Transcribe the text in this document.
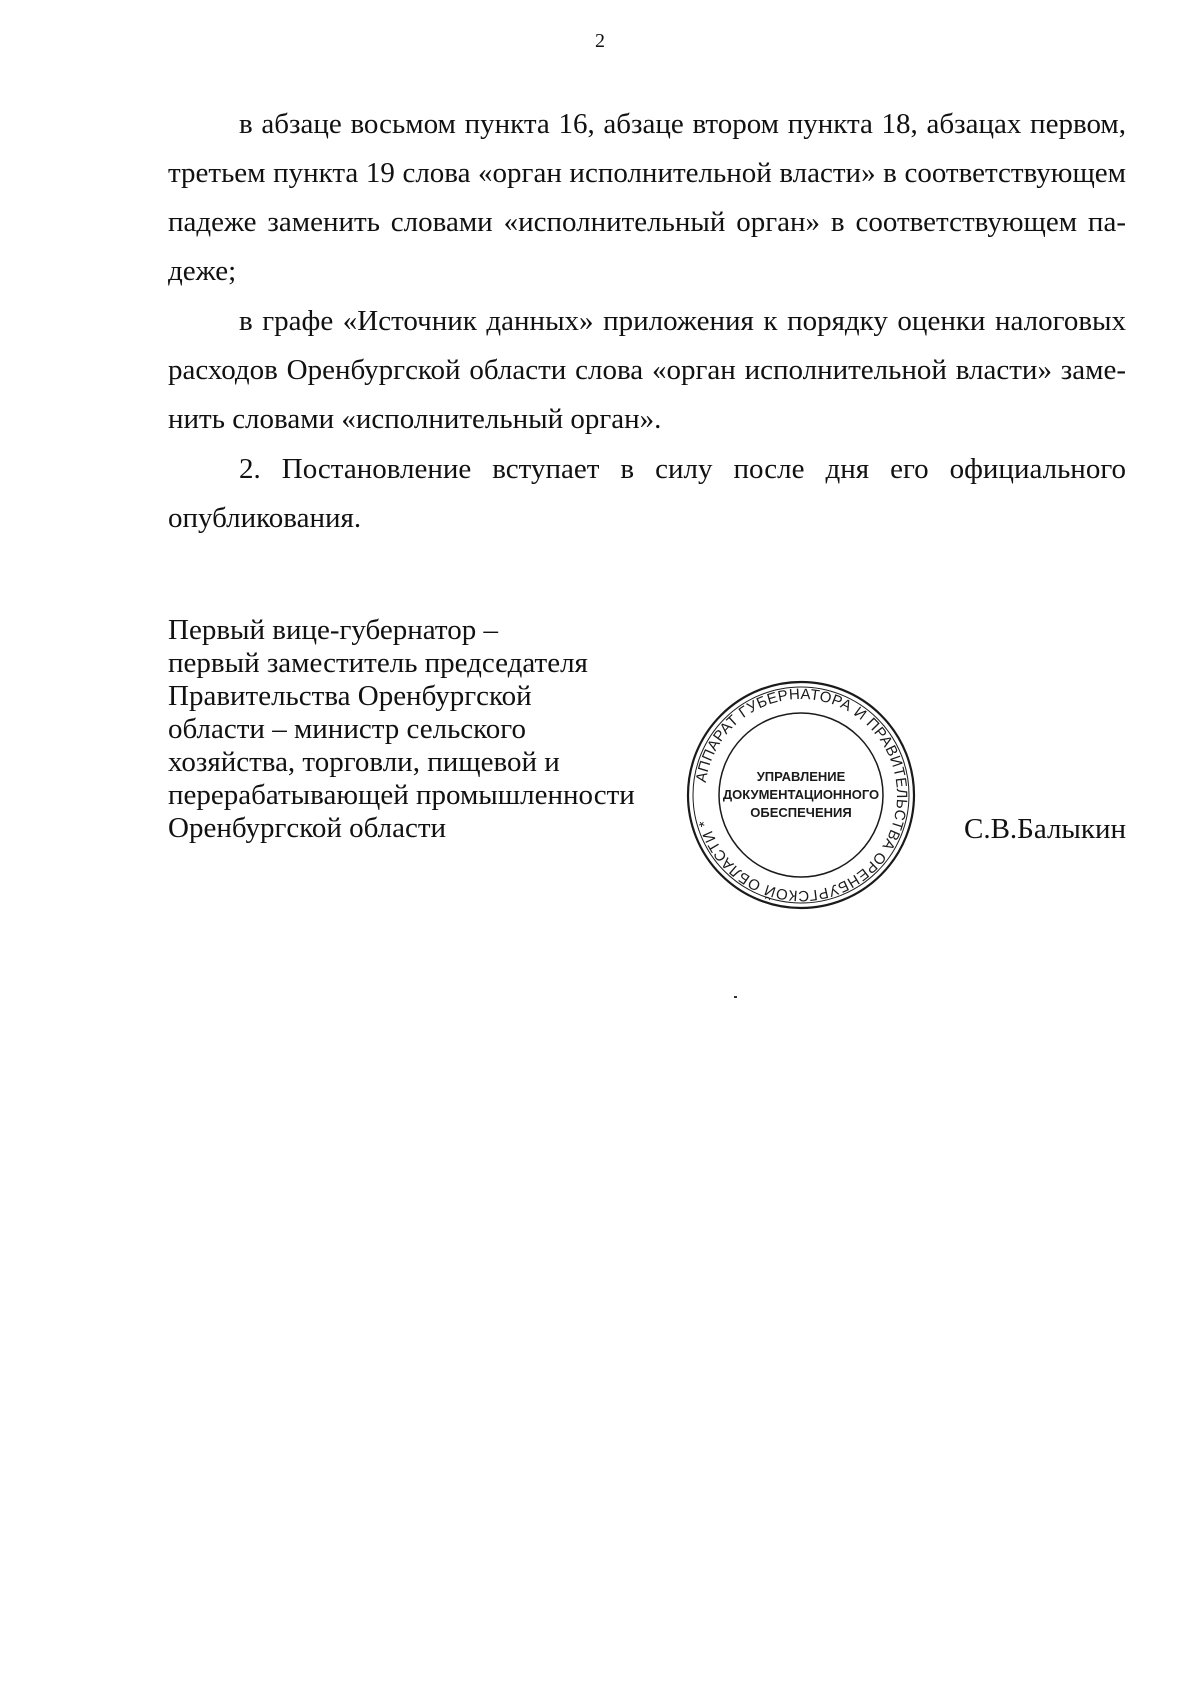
2

в абзаце восьмом пункта 16, абзаце втором пункта 18, абзацах первом, третьем пункта 19 слова «орган исполнительной власти» в соответствующем падеже заменить словами «исполнительный орган» в соответствующем падеже;

в графе «Источник данных» приложения к порядку оценки налоговых расходов Оренбургской области слова «орган исполнительной власти» заменить словами «исполнительный орган».

2. Постановление вступает в силу после дня его официального опубликования.

Первый вице-губернатор –
первый заместитель председателя
Правительства Оренбургской
области – министр сельского
хозяйства, торговли, пищевой и
перерабатывающей промышленности
Оренбургской области
АППАРАТ ГУБЕРНАТОРА И ПРАВИТЕЛЬСТВА ОРЕНБУРГСКОЙ ОБЛАСТИ *
УПРАВЛЕНИЕ
ДОКУМЕНТАЦИОННОГО
ОБЕСПЕЧЕНИЯ
С.В.Балыкин
